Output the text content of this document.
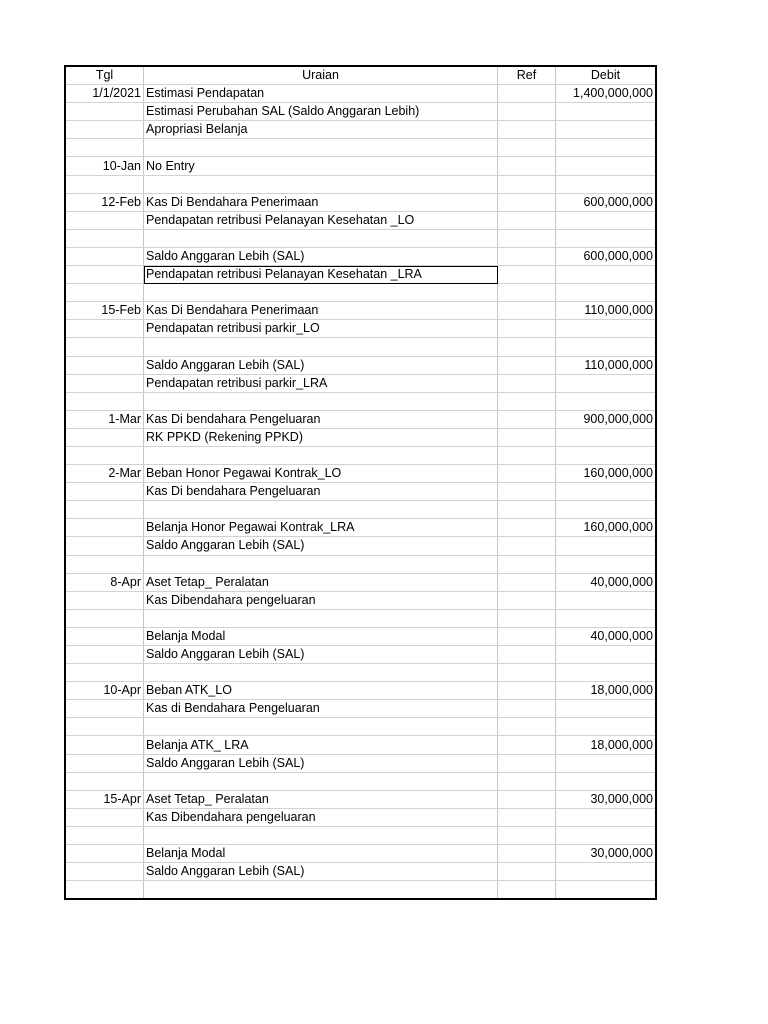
Tgl	Uraian	Ref	Debit
1/1/2021	Estimasi Pendapatan		1,400,000,000
	Estimasi Perubahan SAL (Saldo Anggaran Lebih)		
	Apropriasi Belanja		

10-Jan	No Entry		

12-Feb	Kas Di Bendahara Penerimaan		600,000,000
	Pendapatan retribusi Pelanayan Kesehatan _LO		

	Saldo Anggaran Lebih (SAL)		600,000,000
	Pendapatan retribusi Pelanayan Kesehatan _LRA		

15-Feb	Kas Di Bendahara Penerimaan		110,000,000
	Pendapatan retribusi parkir_LO		

	Saldo Anggaran Lebih (SAL)		110,000,000
	Pendapatan retribusi parkir_LRA		

1-Mar	Kas Di bendahara Pengeluaran		900,000,000
	RK PPKD (Rekening PPKD)		

2-Mar	Beban Honor Pegawai Kontrak_LO		160,000,000
	Kas Di bendahara Pengeluaran		

	Belanja Honor Pegawai Kontrak_LRA		160,000,000
	Saldo Anggaran Lebih (SAL)		

8-Apr	Aset Tetap_ Peralatan		40,000,000
	Kas Dibendahara pengeluaran		

	Belanja Modal		40,000,000
	Saldo Anggaran Lebih (SAL)		

10-Apr	Beban ATK_LO		18,000,000
	Kas di Bendahara Pengeluaran		

	Belanja ATK_ LRA		18,000,000
	Saldo Anggaran Lebih (SAL)		

15-Apr	Aset Tetap_ Peralatan		30,000,000
	Kas Dibendahara pengeluaran		

	Belanja Modal		30,000,000
	Saldo Anggaran Lebih (SAL)		
